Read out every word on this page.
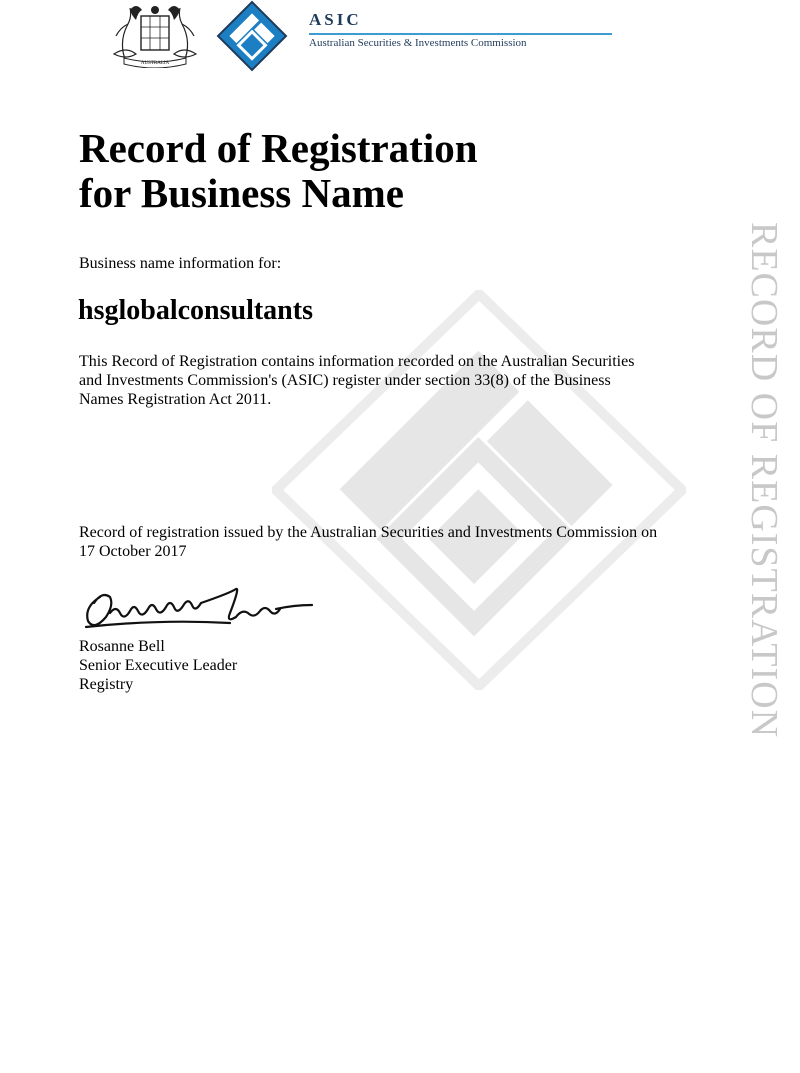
AUSTRALIA
ASIC
Australian Securities & Investments Commission
RECORD OF REGISTRATION
Record of Registration
for Business Name
Business name information for:
hsglobalconsultants
This Record of Registration contains information recorded on the Australian Securities and Investments Commission's (ASIC) register under section 33(8) of the Business Names Registration Act 2011.
Record of registration issued by the Australian Securities and Investments Commission on 17 October 2017
Rosanne Bell
Senior Executive Leader
Registry
